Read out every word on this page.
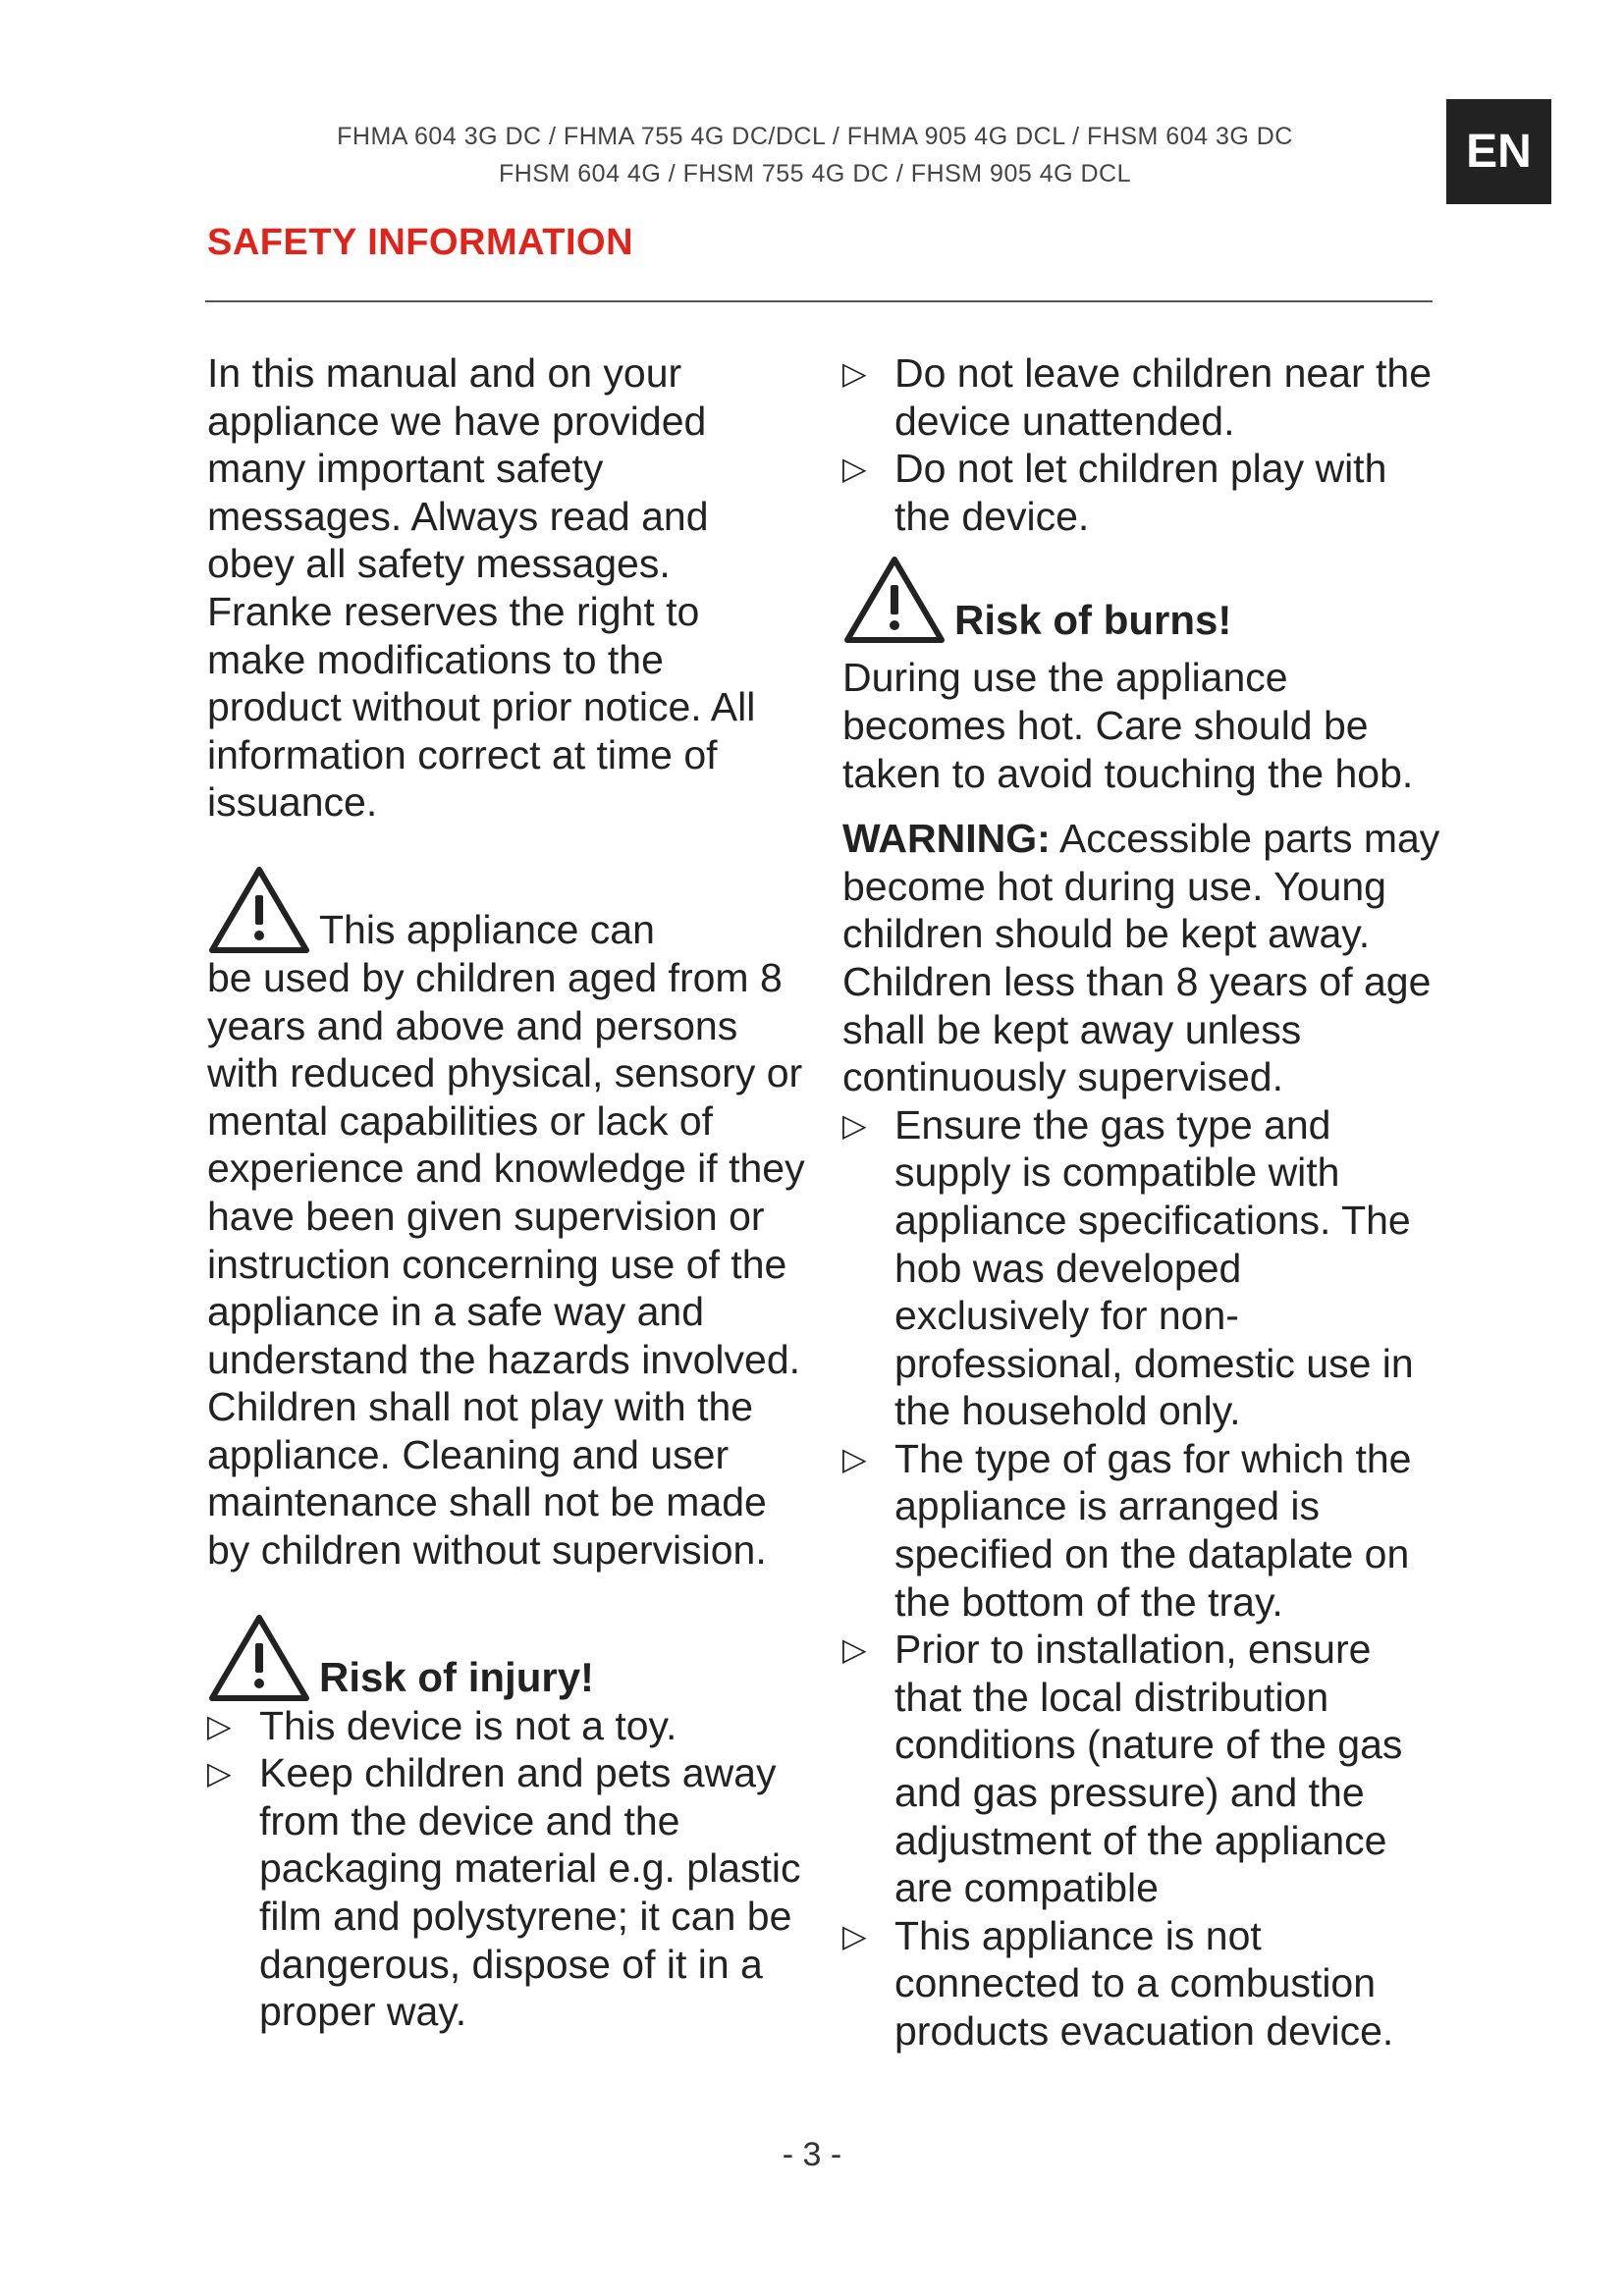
FHMA 604 3G DC / FHMA 755 4G DC/DCL / FHMA 905 4G DCL / FHSM 604 3G DC
FHSM 604 4G / FHSM 755 4G DC / FHSM 905 4G DCL	EN
SAFETY INFORMATION

In this manual and on your appliance we have provided many important safety messages. Always read and obey all safety messages. Franke reserves the right to make modifications to the product without prior notice. All information correct at time of issuance.

This appliance can

be used by children aged from 8 years and above and persons with reduced physical, sensory or mental capabilities or lack of experience and knowledge if they have been given supervision or instruction concerning use of the appliance in a safe way and understand the hazards involved. Children shall not play with the appliance. Cleaning and user maintenance shall not be made by children without supervision.

Risk of injury!
▷ This device is not a toy.
▷ Keep children and pets away from the device and the packaging material e.g. plastic film and polystyrene; it can be dangerous, dispose of it in a proper way.
▷ Do not leave children near the device unattended.
▷ Do not let children play with the device.
Risk of burns!

During use the appliance becomes hot. Care should be taken to avoid touching the hob.

WARNING: Accessible parts may become hot during use. Young children should be kept away. Children less than 8 years of age shall be kept away unless continuously supervised.

▷ Ensure the gas type and supply is compatible with appliance specifications. The hob was developed exclusively for non-professional, domestic use in the household only.
▷ The type of gas for which the appliance is arranged is specified on the dataplate on the bottom of the tray.
▷ Prior to installation, ensure that the local distribution conditions (nature of the gas and gas pressure) and the adjustment of the appliance are compatible
▷ This appliance is not connected to a combustion products evacuation device.
- 3 -
